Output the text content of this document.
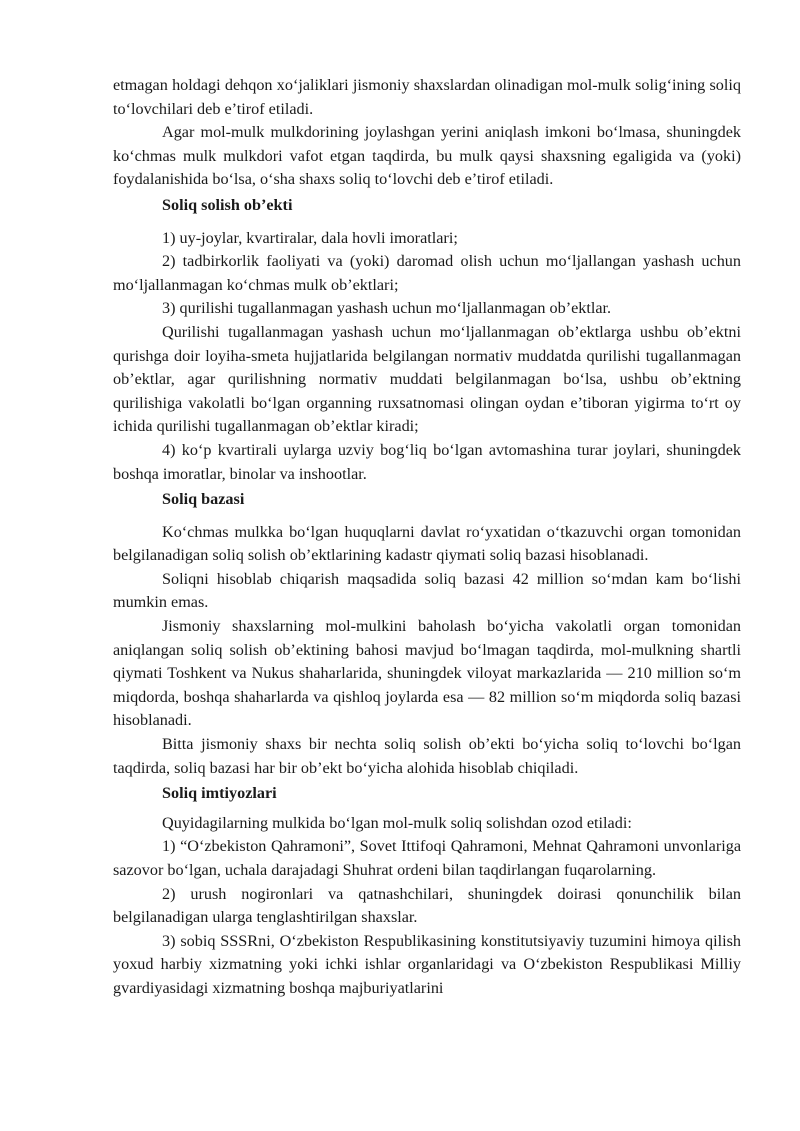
etmagan holdagi dehqon xo‘jaliklari jismoniy shaxslardan olinadigan mol-mulk solig‘ining soliq to‘lovchilari deb e’tirof etiladi.

Agar mol-mulk mulkdorining joylashgan yerini aniqlash imkoni bo‘lmasa, shuningdek ko‘chmas mulk mulkdori vafot etgan taqdirda, bu mulk qaysi shaxsning egaligida va (yoki) foydalanishida bo‘lsa, o‘sha shaxs soliq to‘lovchi deb e’tirof etiladi.

Soliq solish ob’ekti

1) uy-joylar, kvartiralar, dala hovli imoratlari;

2) tadbirkorlik faoliyati va (yoki) daromad olish uchun mo‘ljallangan yashash uchun mo‘ljallanmagan ko‘chmas mulk ob’ektlari;

3) qurilishi tugallanmagan yashash uchun mo‘ljallanmagan ob’ektlar.

Qurilishi tugallanmagan yashash uchun mo‘ljallanmagan ob’ektlarga ushbu ob’ektni qurishga doir loyiha-smeta hujjatlarida belgilangan normativ muddatda qurilishi tugallanmagan ob’ektlar, agar qurilishning normativ muddati belgilanmagan bo‘lsa, ushbu ob’ektning qurilishiga vakolatli bo‘lgan organning ruxsatnomasi olingan oydan e’tiboran yigirma to‘rt oy ichida qurilishi tugallanmagan ob’ektlar kiradi;

4) ko‘p kvartirali uylarga uzviy bog‘liq bo‘lgan avtomashina turar joylari, shuningdek boshqa imoratlar, binolar va inshootlar.

Soliq bazasi

Ko‘chmas mulkka bo‘lgan huquqlarni davlat ro‘yxatidan o‘tkazuvchi organ tomonidan belgilanadigan soliq solish ob’ektlarining kadastr qiymati soliq bazasi hisoblanadi.

Soliqni hisoblab chiqarish maqsadida soliq bazasi 42 million so‘mdan kam bo‘lishi mumkin emas.

Jismoniy shaxslarning mol-mulkini baholash bo‘yicha vakolatli organ tomonidan aniqlangan soliq solish ob’ektining bahosi mavjud bo‘lmagan taqdirda, mol-mulkning shartli qiymati Toshkent va Nukus shaharlarida, shuningdek viloyat markazlarida — 210 million so‘m miqdorda, boshqa shaharlarda va qishloq joylarda esa — 82 million so‘m miqdorda soliq bazasi hisoblanadi.

Bitta jismoniy shaxs bir nechta soliq solish ob’ekti bo‘yicha soliq to‘lovchi bo‘lgan taqdirda, soliq bazasi har bir ob’ekt bo‘yicha alohida hisoblab chiqiladi.

Soliq imtiyozlari

Quyidagilarning mulkida bo‘lgan mol-mulk soliq solishdan ozod etiladi:

1) “O‘zbekiston Qahramoni”, Sovet Ittifoqi Qahramoni, Mehnat Qahramoni unvonlariga sazovor bo‘lgan, uchala darajadagi Shuhrat ordeni bilan taqdirlangan fuqarolarning.

2) urush nogironlari va qatnashchilari, shuningdek doirasi qonunchilik bilan belgilanadigan ularga tenglashtirilgan shaxslar.

3) sobiq SSSRni, O‘zbekiston Respublikasining konstitutsiyaviy tuzumini himoya qilish yoxud harbiy xizmatning yoki ichki ishlar organlaridagi va O‘zbekiston Respublikasi Milliy gvardiyasidagi xizmatning boshqa majburiyatlarini
